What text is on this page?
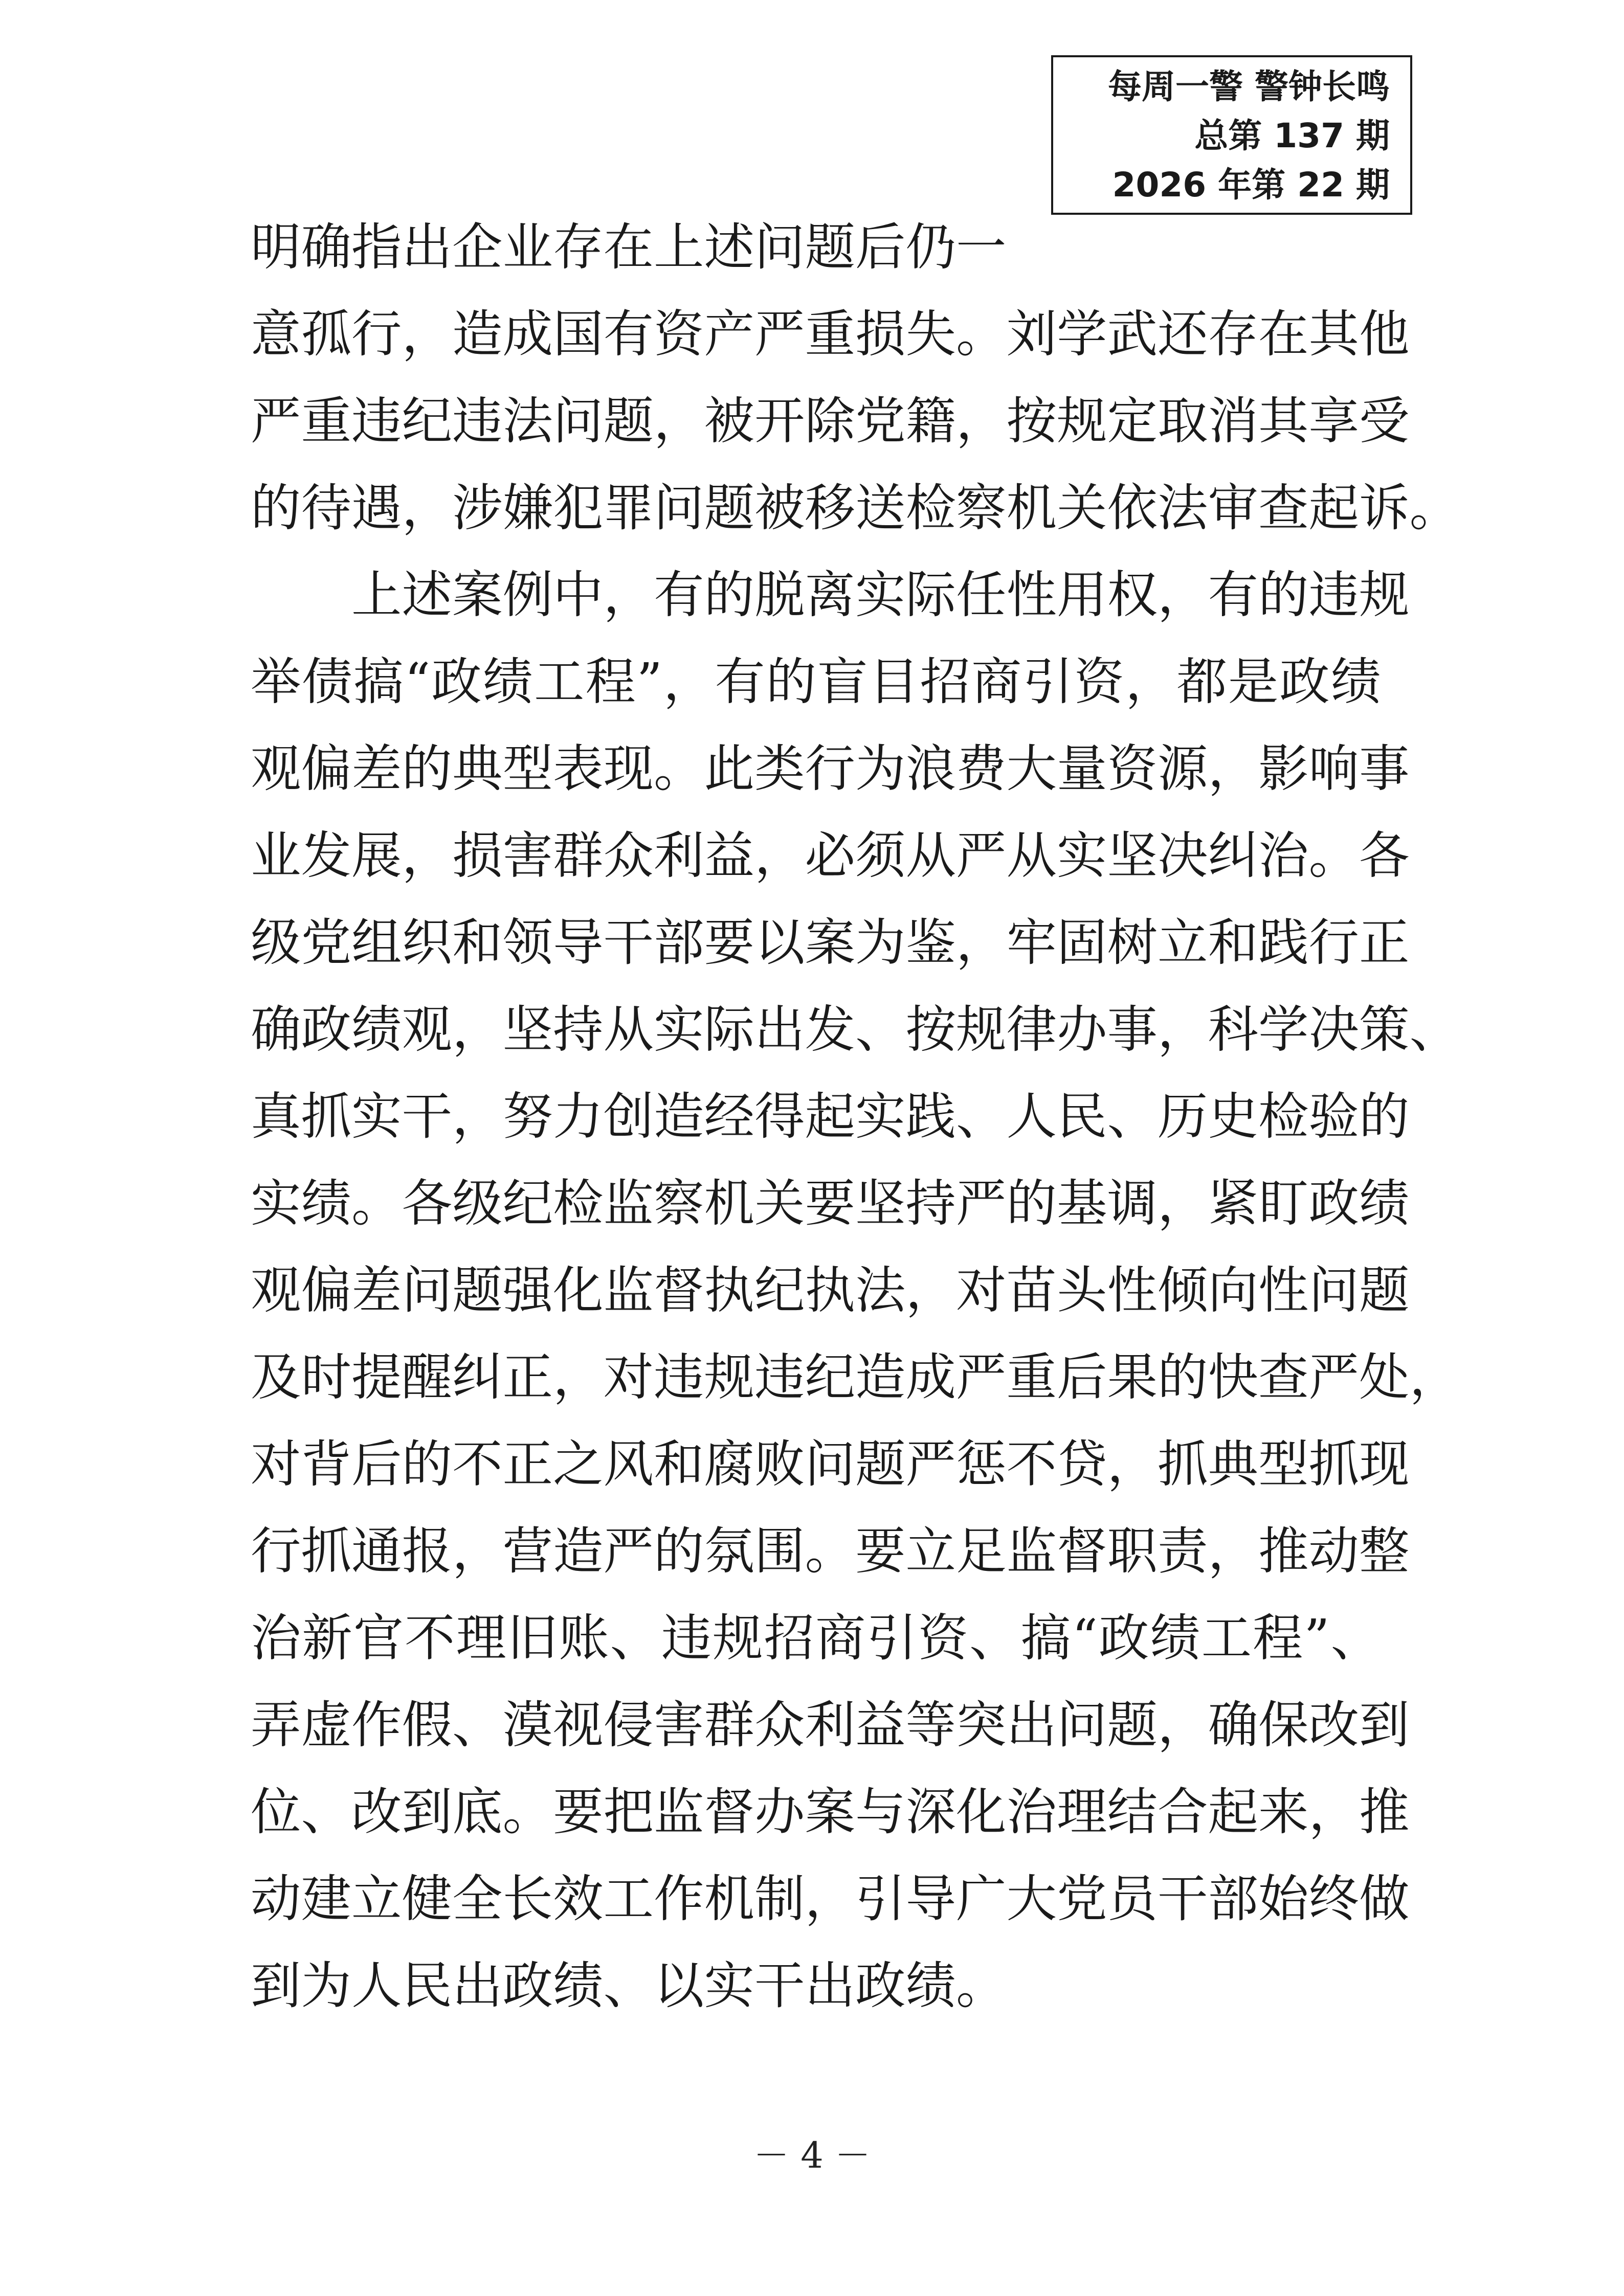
每周一警 警钟长鸣
总第 137 期
2026 年第 22 期
明确指出企业存在上述问题后仍一
意孤行，造成国有资产严重损失。刘学武还存在其他
严重违纪违法问题，被开除党籍，按规定取消其享受
的待遇，涉嫌犯罪问题被移送检察机关依法审查起诉。
上述案例中，有的脱离实际任性用权，有的违规
举债搞“政绩工程”，有的盲目招商引资，都是政绩
观偏差的典型表现。此类行为浪费大量资源，影响事
业发展，损害群众利益，必须从严从实坚决纠治。各
级党组织和领导干部要以案为鉴，牢固树立和践行正
确政绩观，坚持从实际出发、按规律办事，科学决策、
真抓实干，努力创造经得起实践、人民、历史检验的
实绩。各级纪检监察机关要坚持严的基调，紧盯政绩
观偏差问题强化监督执纪执法，对苗头性倾向性问题
及时提醒纠正，对违规违纪造成严重后果的快查严处，
对背后的不正之风和腐败问题严惩不贷，抓典型抓现
行抓通报，营造严的氛围。要立足监督职责，推动整
治新官不理旧账、违规招商引资、搞“政绩工程”、
弄虚作假、漠视侵害群众利益等突出问题，确保改到
位、改到底。要把监督办案与深化治理结合起来，推
动建立健全长效工作机制，引导广大党员干部始终做
到为人民出政绩、以实干出政绩。
－ 4 －
